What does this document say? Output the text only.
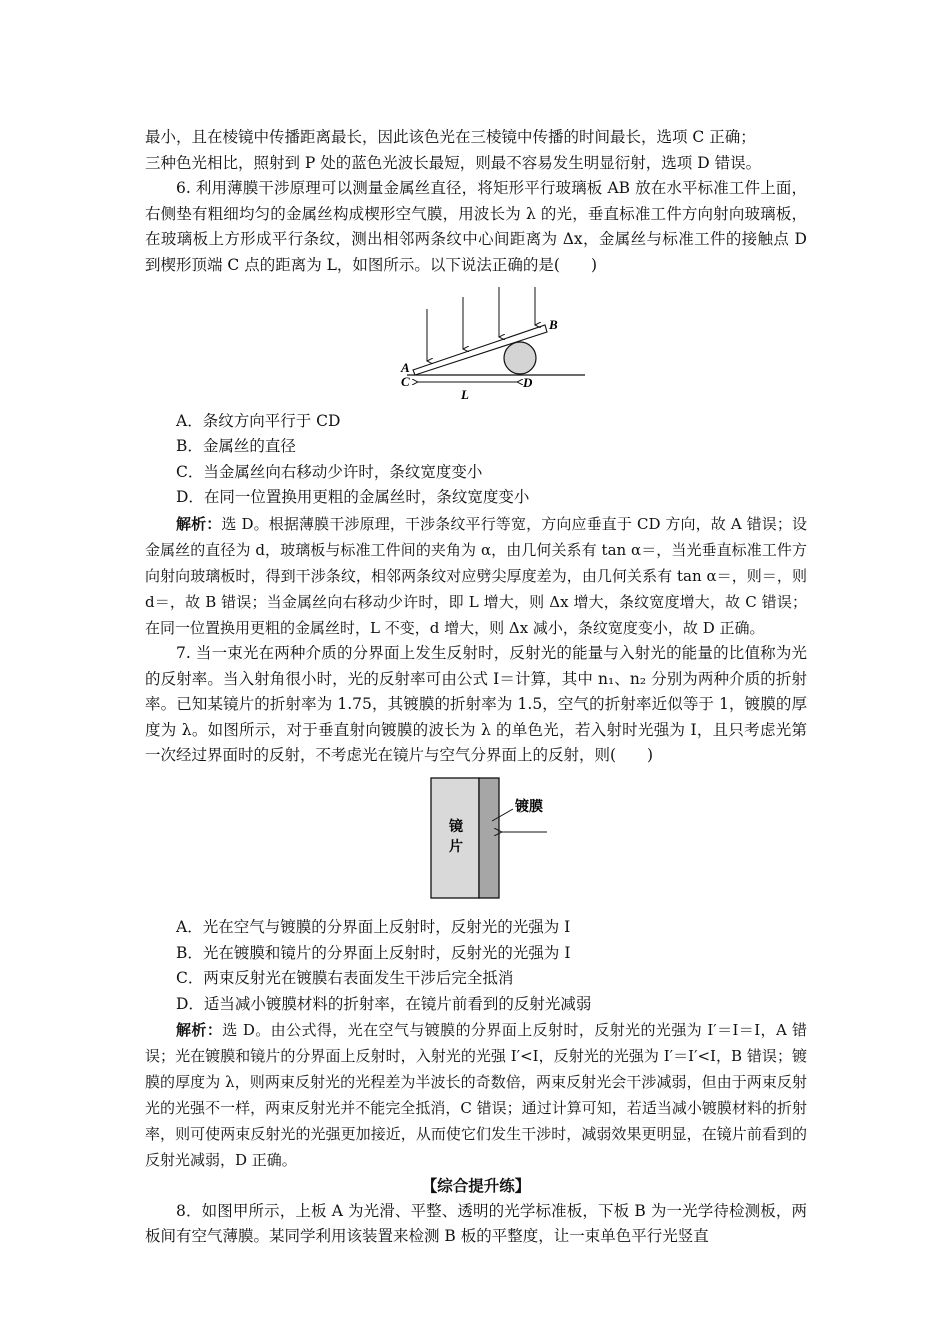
最小，且在棱镜中传播距离最长，因此该色光在三棱镜中传播的时间最长，选项 C 正确；

三种色光相比，照射到 P 处的蓝色光波长最短，则最不容易发生明显衍射，选项 D 错误。

6. 利用薄膜干涉原理可以测量金属丝直径，将矩形平行玻璃板 AB 放在水平标准工件上面，右侧垫有粗细均匀的金属丝构成楔形空气膜，用波长为 λ 的光，垂直标准工件方向射向玻璃板，在玻璃板上方形成平行条纹，测出相邻两条纹中心间距离为 Δx，金属丝与标准工件的接触点 D 到楔形顶端 C 点的距离为 L，如图所示。以下说法正确的是(　　)

B
A
C	D
L

A．条纹方向平行于 CD

B．金属丝的直径

C．当金属丝向右移动少许时，条纹宽度变小

D．在同一位置换用更粗的金属丝时，条纹宽度变小

解析：选 D。根据薄膜干涉原理，干涉条纹平行等宽，方向应垂直于 CD 方向，故 A 错误；设金属丝的直径为 d，玻璃板与标准工件间的夹角为 α，由几何关系有 tan α＝，当光垂直标准工件方向射向玻璃板时，得到干涉条纹，相邻两条纹对应劈尖厚度差为，由几何关系有 tan α＝，则＝，则 d＝，故 B 错误；当金属丝向右移动少许时，即 L 增大，则 Δx 增大，条纹宽度增大，故 C 错误；在同一位置换用更粗的金属丝时，L 不变，d 增大，则 Δx 减小，条纹宽度变小，故 D 正确。

7. 当一束光在两种介质的分界面上发生反射时，反射光的能量与入射光的能量的比值称为光的反射率。当入射角很小时，光的反射率可由公式 I＝计算，其中 n₁、n₂ 分别为两种介质的折射率。已知某镜片的折射率为 1.75，其镀膜的折射率为 1.5，空气的折射率近似等于 1，镀膜的厚度为 λ。如图所示，对于垂直射向镀膜的波长为 λ 的单色光，若入射时光强为 I，且只考虑光第一次经过界面时的反射，不考虑光在镜片与空气分界面上的反射，则(　　)

镜
片
镀膜

A．光在空气与镀膜的分界面上反射时，反射光的光强为 I

B．光在镀膜和镜片的分界面上反射时，反射光的光强为 I

C．两束反射光在镀膜右表面发生干涉后完全抵消

D．适当减小镀膜材料的折射率，在镜片前看到的反射光减弱

解析：选 D。由公式得，光在空气与镀膜的分界面上反射时，反射光的光强为 I′＝I＝I，A 错误；光在镀膜和镜片的分界面上反射时，入射光的光强 I′<I，反射光的光强为 I′＝I′<I，B 错误；镀膜的厚度为 λ，则两束反射光的光程差为半波长的奇数倍，两束反射光会干涉减弱，但由于两束反射光的光强不一样，两束反射光并不能完全抵消，C 错误；通过计算可知，若适当减小镀膜材料的折射率，则可使两束反射光的光强更加接近，从而使它们发生干涉时，减弱效果更明显，在镜片前看到的反射光减弱，D 正确。

【综合提升练】

8．如图甲所示，上板 A 为光滑、平整、透明的光学标准板，下板 B 为一光学待检测板，两板间有空气薄膜。某同学利用该装置来检测 B 板的平整度，让一束单色平行光竖直
